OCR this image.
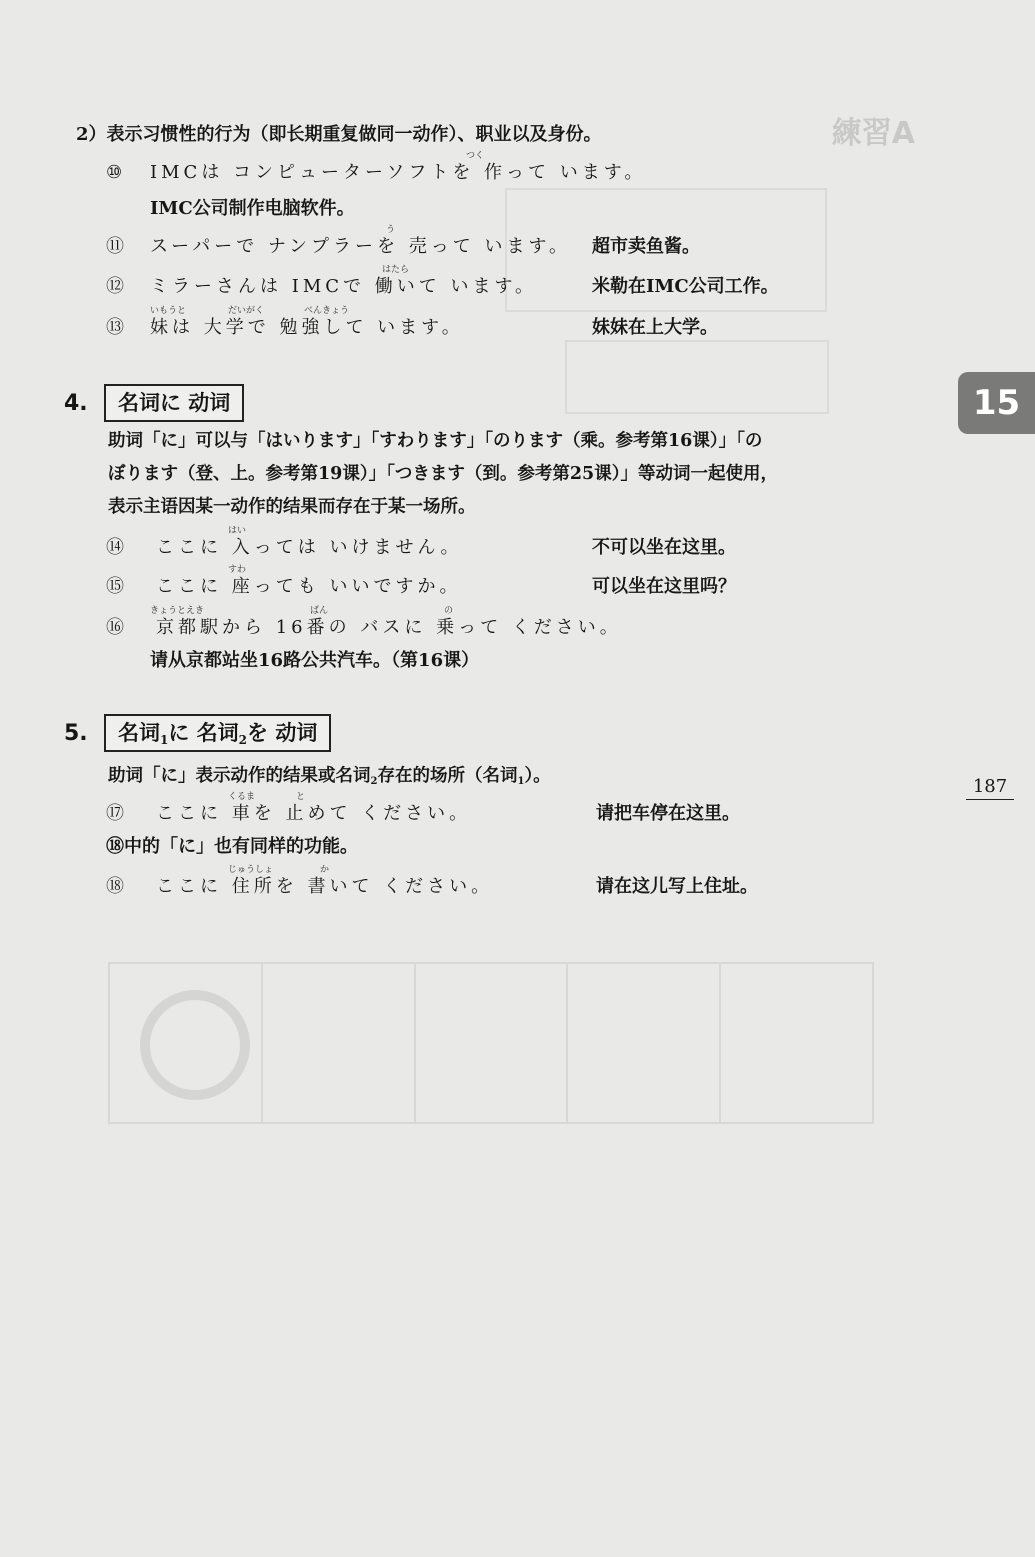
練習A
15
187
2）表示习惯性的行为（即长期重复做同一动作）、职业以及身份。
⑩
つく
IMCは コンピューターソフトを 作って います。
IMC公司制作电脑软件。
⑪
う
スーパーで ナンプラーを 売って います。 超市卖鱼酱。
⑫
はたら
ミラーさんは IMCで 働いて います。	米勒在IMC公司工作。
⑬
いもうと	だいがく	べんきょう
妹は 大学で 勉強して います。	妹妹在上大学。
4.	名词に 动词
助词「に」可以与「はいります」「すわります」「のります（乘。参考第16课）」「の
ぼります（登、上。参考第19课）」「つきます（到。参考第25课）」等动词一起使用，
表示主语因某一动作的结果而存在于某一场所。
⑭
はい
ここに 入っては いけません。	不可以坐在这里。
⑮
すわ
ここに 座っても いいですか。	可以坐在这里吗？
⑯
きょうとえき	ばん	の
京都駅から 16番の バスに 乗って ください。
请从京都站坐16路公共汽车。（第16课）
5.	名词$_1$に 名词$_2$を 动词
助词「に」表示动作的结果或名词2存在的场所（名词1）。
⑰
くるま	と
ここに 車を 止めて ください。	请把车停在这里。
⑱中的「に」也有同样的功能。
⑱
じゅうしょ	か
ここに 住所を 書いて ください。	请在这儿写上住址。
